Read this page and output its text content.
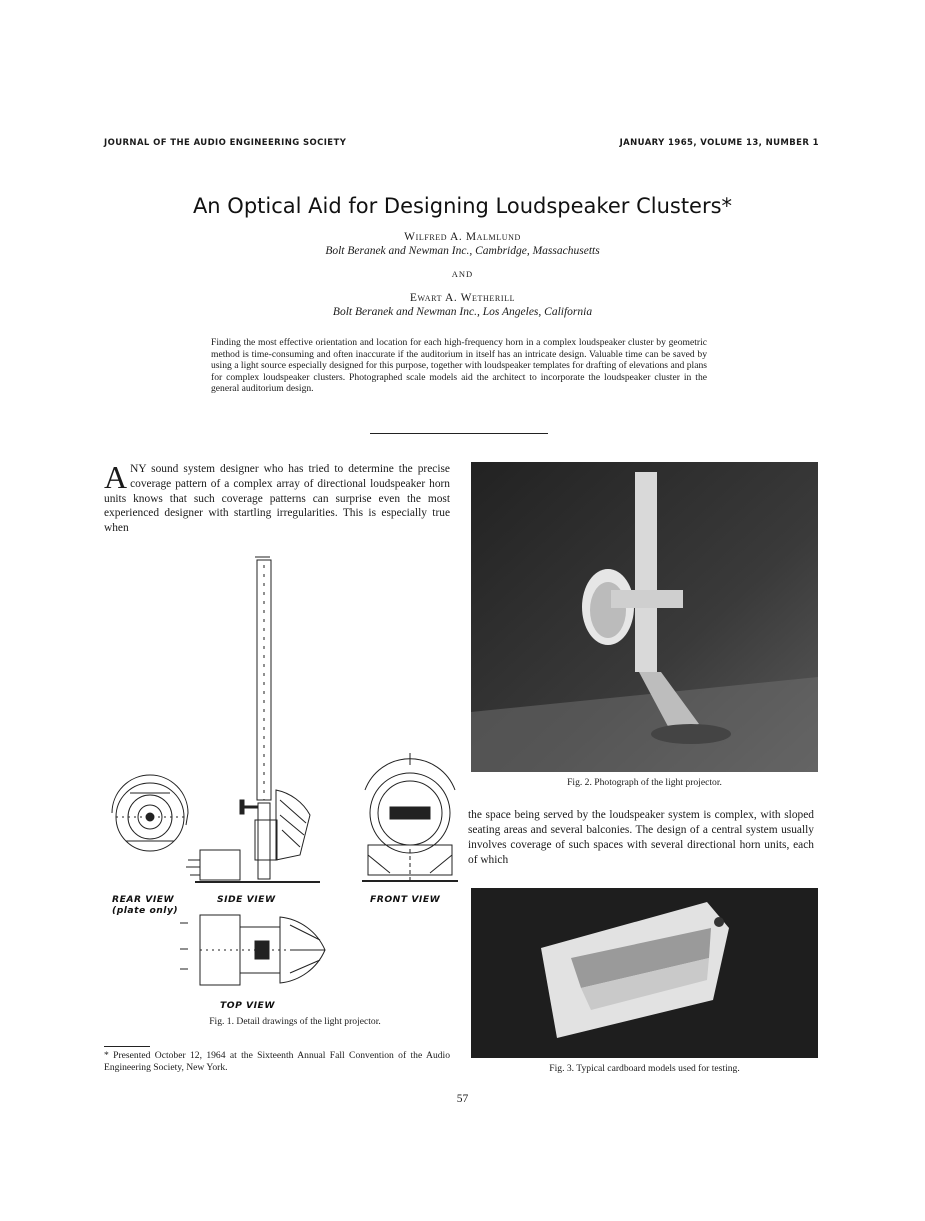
JOURNAL OF THE AUDIO ENGINEERING SOCIETY	JANUARY 1965, VOLUME 13, NUMBER 1
An Optical Aid for Designing Loudspeaker Clusters*
Wilfred A. Malmlund
Bolt Beranek and Newman Inc., Cambridge, Massachusetts
AND
Ewart A. Wetherill
Bolt Beranek and Newman Inc., Los Angeles, California
Finding the most effective orientation and location for each high-frequency horn in a complex loudspeaker cluster by geometric method is time-consuming and often inaccurate if the auditorium in itself has an intricate design. Valuable time can be saved by using a light source especially designed for this purpose, together with loudspeaker templates for drafting of elevations and plans for complex loudspeaker clusters. Photographed scale models aid the architect to incorporate the loudspeaker cluster in the general auditorium design.
ANY sound system designer who has tried to determine the precise coverage pattern of a complex array of directional loudspeaker horn units knows that such coverage patterns can surprise even the most experienced designer with startling irregularities. This is especially true when
REAR VIEW
(plate only)
SIDE VIEW	FRONT VIEW
TOP VIEW
Fig. 1. Detail drawings of the light projector.
Fig. 2. Photograph of the light projector.
the space being served by the loudspeaker system is complex, with sloped seating areas and several balconies. The design of a central system usually involves coverage of such spaces with several directional horn units, each of which
Fig. 3. Typical cardboard models used for testing.
* Presented October 12, 1964 at the Sixteenth Annual Fall Convention of the Audio Engineering Society, New York.
57
